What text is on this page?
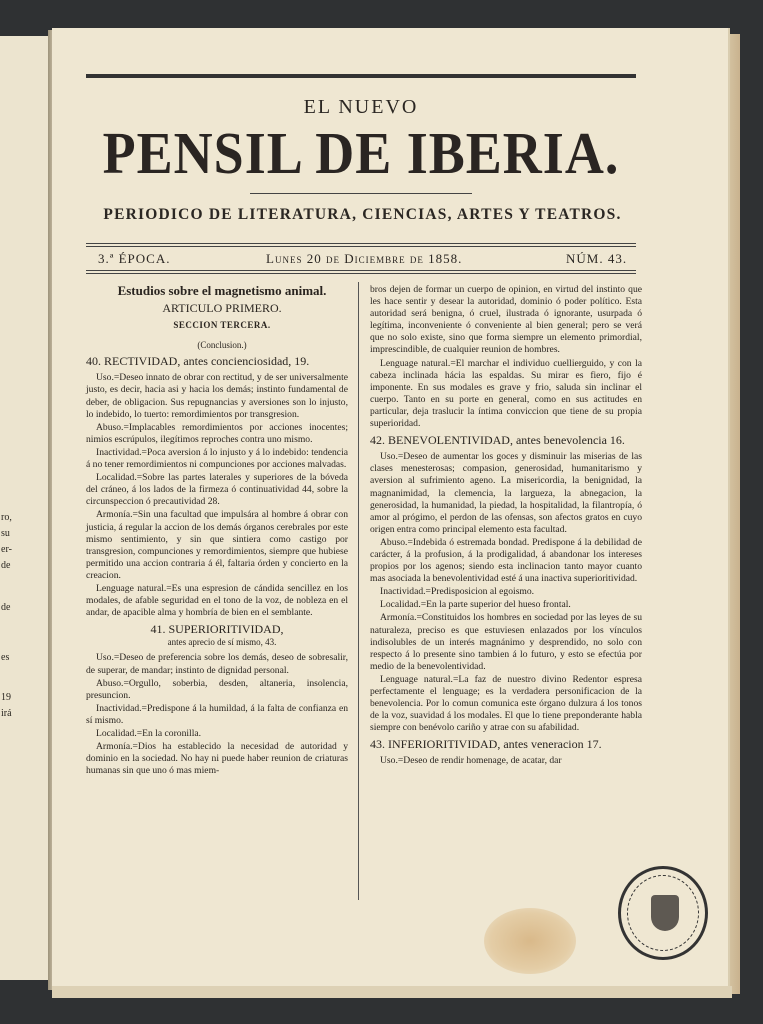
ro,
su
er-
de
de
es
19
irá
EL NUEVO
PENSIL DE IBERIA.
PERIODICO DE LITERATURA, CIENCIAS, ARTES Y TEATROS.
3.ª ÉPOCA.	Lunes 20 de Diciembre de 1858.	NÚM. 43.

Estudios sobre el magnetismo animal.

ARTICULO PRIMERO.

SECCION TERCERA.

(Conclusion.)

40. RECTIVIDAD, antes concienciosidad, 19.

Uso.=Deseo innato de obrar con rectitud, y de ser universalmente justo, es decir, hacia asi y hacia los demás; instinto fundamental de deber, de obligacion. Sus repugnancias y aversiones son lo injusto, lo indebido, lo tuerto: remordimientos por transgresion.

Abuso.=Implacables remordimientos por acciones inocentes; nimios escrúpulos, ilegítimos reproches contra uno mismo.

Inactividad.=Poca aversion á lo injusto y á lo indebido: tendencia á no tener remordimientos ni compunciones por acciones malvadas.

Localidad.=Sobre las partes laterales y superiores de la bóveda del cráneo, á los lados de la firmeza ó continuatividad 44, sobre la circunspeccion ó precautividad 28.

Armonía.=Sin una facultad que impulsára al hombre á obrar con justicia, á regular la accion de los demás órganos cerebrales por este mismo sentimiento, y sin que sintiera como castigo por transgresion, compunciones y remordimientos, siempre que hubiese permitido una accion contraria á él, faltaria órden y concierto en la creacion.

Lenguage natural.=Es una espresion de cándida sencillez en los modales, de afable seguridad en el tono de la voz, de nobleza en el andar, de apacible alma y hombría de bien en el semblante.

41. SUPERIORITIVIDAD,

antes aprecio de sí mismo, 43.

Uso.=Deseo de preferencia sobre los demás, deseo de sobresalir, de superar, de mandar; instinto de dignidad personal.

Abuso.=Orgullo, soberbia, desden, altaneria, insolencia, presuncion.

Inactividad.=Predispone á la humildad, á la falta de confianza en sí mismo.

Localidad.=En la coronilla.

Armonía.=Dios ha establecido la necesidad de autoridad y dominio en la sociedad. No hay ni puede haber reunion de criaturas humanas sin que uno ó mas miem-

bros dejen de formar un cuerpo de opinion, en virtud del instinto que les hace sentir y desear la autoridad, dominio ó poder político. Esta autoridad será benigna, ó cruel, ilustrada ó ignorante, usurpada ó legítima, inconveniente ó conveniente al bien general; pero se verá que no solo existe, sino que forma siempre un elemento primordial, imprescindible, de cualquier reunion de hombres.

Lenguage natural.=El marchar el individuo cuellierguido, y con la cabeza inclinada hácia las espaldas. Su mirar es fiero, fijo é imponente. En sus modales es grave y frio, saluda sin inclinar el cuerpo. Tanto en su porte en general, como en sus actitudes en particular, deja traslucir la íntima conviccion que tiene de su propia superioridad.

42. BENEVOLENTIVIDAD, antes benevolencia 16.

Uso.=Deseo de aumentar los goces y disminuir las miserias de las clases menesterosas; compasion, generosidad, humanitarismo y aversion al sufrimiento ageno. La misericordia, la benignidad, la magnanimidad, la clemencia, la largueza, la abnegacion, la generosidad, la humanidad, la piedad, la hospitalidad, la filantropía, ó amor al prógimo, el perdon de las ofensas, son afectos gratos en cuyo origen entra como principal elemento esta facultad.

Abuso.=Indebida ó estremada bondad. Predispone á la debilidad de carácter, á la profusion, á la prodigalidad, á abandonar los intereses propios por los agenos; siendo esta inclinacion tanto mayor cuanto mas asociada la benevolentividad esté á una inactiva superioritividad.

Inactividad.=Predisposicion al egoismo.

Localidad.=En la parte superior del hueso frontal.

Armonía.=Constituidos los hombres en sociedad por las leyes de su naturaleza, preciso es que estuviesen enlazados por los vínculos indisolubles de un interés magnánimo y desprendido, no solo con respecto á lo presente sino tambien á lo futuro, y esto se efectúa por medio de la benevolentividad.

Lenguage natural.=La faz de nuestro divino Redentor espresa perfectamente el lenguage; es la verdadera personificacion de la benevolencia. Por lo comun comunica este órgano dulzura á los tonos de la voz, suavidad á los modales. El que lo tiene preponderante habla siempre con benévolo cariño y atrae con su afabilidad.

43. INFERIORITIVIDAD, antes veneracion 17.

Uso.=Deseo de rendir homenage, de acatar, dar
